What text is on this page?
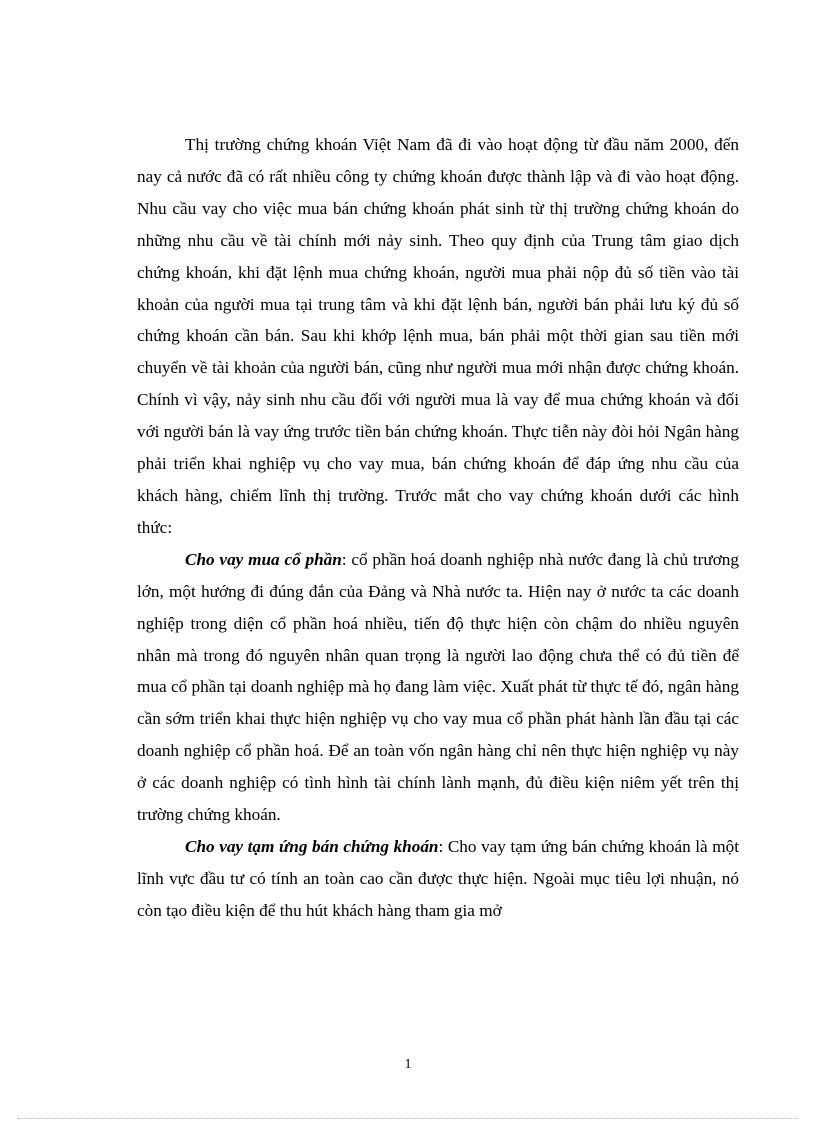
Thị trường chứng khoán Việt Nam đã đi vào hoạt động từ đầu năm 2000, đến nay cả nước đã có rất nhiều công ty chứng khoán được thành lập và đi vào hoạt động. Nhu cầu vay cho việc mua bán chứng khoán phát sinh từ thị trường chứng khoán do những nhu cầu về tài chính mới nảy sinh. Theo quy định của Trung tâm giao dịch chứng khoán, khi đặt lệnh mua chứng khoán, người mua phải nộp đủ số tiền vào tài khoản của người mua tại trung tâm và khi đặt lệnh bán, người bán phải lưu ký đủ số chứng khoán cần bán. Sau khi khớp lệnh mua, bán phải một thời gian sau tiền mới chuyển về tài khoản của người bán, cũng như người mua mới nhận được chứng khoán. Chính vì vậy, nảy sinh nhu cầu đối với người mua là vay để mua chứng khoán và đối với người bán là vay ứng trước tiền bán chứng khoán. Thực tiễn này đòi hỏi Ngân hàng phải triển khai nghiệp vụ cho vay mua, bán chứng khoán để đáp ứng nhu cầu của khách hàng, chiếm lĩnh thị trường. Trước mắt cho vay chứng khoán dưới các hình thức:

Cho vay mua cổ phần: cổ phần hoá doanh nghiệp nhà nước đang là chủ trương lớn, một hướng đi đúng đắn của Đảng và Nhà nước ta. Hiện nay ở nước ta các doanh nghiệp trong diện cổ phần hoá nhiều, tiến độ thực hiện còn chậm do nhiều nguyên nhân mà trong đó nguyên nhân quan trọng là người lao động chưa thể có đủ tiền để mua cổ phần tại doanh nghiệp mà họ đang làm việc. Xuất phát từ thực tế đó, ngân hàng cần sớm triển khai thực hiện nghiệp vụ cho vay mua cổ phần phát hành lần đầu tại các doanh nghiệp cổ phần hoá. Để an toàn vốn ngân hàng chỉ nên thực hiện nghiệp vụ này ở các doanh nghiệp có tình hình tài chính lành mạnh, đủ điều kiện niêm yết trên thị trường chứng khoán.

Cho vay tạm ứng bán chứng khoán: Cho vay tạm ứng bán chứng khoán là một lĩnh vực đầu tư có tính an toàn cao cần được thực hiện. Ngoài mục tiêu lợi nhuận, nó còn tạo điều kiện để thu hút khách hàng tham gia mở

1
